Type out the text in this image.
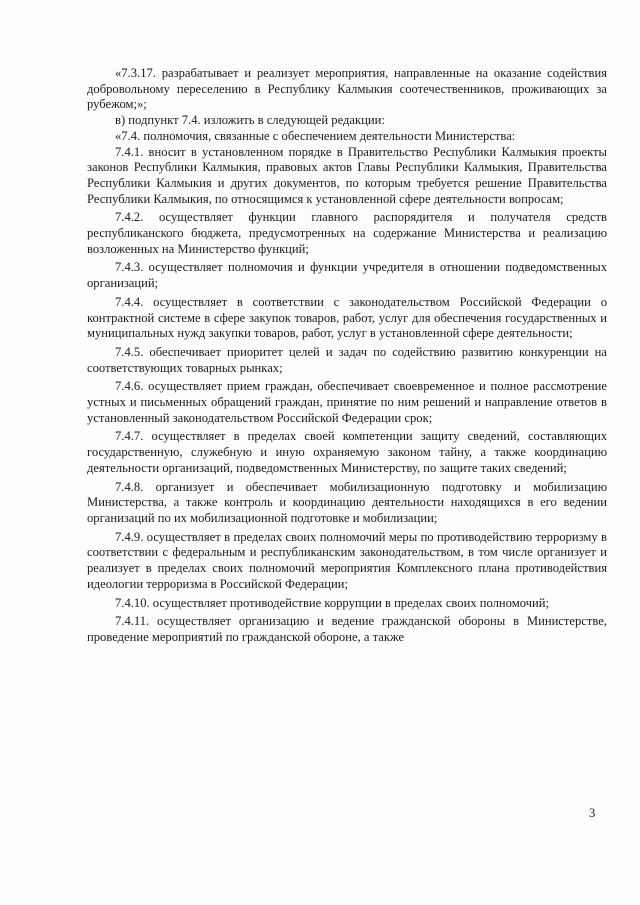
«7.3.17. разрабатывает и реализует мероприятия, направленные на оказание содействия добровольному переселению в Республику Калмыкия соотечественников, проживающих за рубежом;»;

в) подпункт 7.4. изложить в следующей редакции:

«7.4. полномочия, связанные с обеспечением деятельности Министерства:

7.4.1. вносит в установленном порядке в Правительство Республики Калмыкия проекты законов Республики Калмыкия, правовых актов Главы Республики Калмыкия, Правительства Республики Калмыкия и других документов, по которым требуется решение Правительства Республики Калмыкия, по относящимся к установленной сфере деятельности вопросам;

7.4.2. осуществляет функции главного распорядителя и получателя средств республиканского бюджета, предусмотренных на содержание Министерства и реализацию возложенных на Министерство функций;

7.4.3. осуществляет полномочия и функции учредителя в отношении подведомственных организаций;

7.4.4. осуществляет в соответствии с законодательством Российской Федерации о контрактной системе в сфере закупок товаров, работ, услуг для обеспечения государственных и муниципальных нужд закупки товаров, работ, услуг в установленной сфере деятельности;

7.4.5. обеспечивает приоритет целей и задач по содействию развитию конкуренции на соответствующих товарных рынках;

7.4.6. осуществляет прием граждан, обеспечивает своевременное и полное рассмотрение устных и письменных обращений граждан, принятие по ним решений и направление ответов в установленный законодательством Российской Федерации срок;

7.4.7. осуществляет в пределах своей компетенции защиту сведений, составляющих государственную, служебную и иную охраняемую законом тайну, а также координацию деятельности организаций, подведомственных Министерству, по защите таких сведений;

7.4.8. организует и обеспечивает мобилизационную подготовку и мобилизацию Министерства, а также контроль и координацию деятельности находящихся в его ведении организаций по их мобилизационной подготовке и мобилизации;

7.4.9. осуществляет в пределах своих полномочий меры по противодействию терроризму в соответствии с федеральным и республиканским законодательством, в том числе организует и реализует в пределах своих полномочий мероприятия Комплексного плана противодействия идеологии терроризма в Российской Федерации;

7.4.10. осуществляет противодействие коррупции в пределах своих полномочий;

7.4.11. осуществляет организацию и ведение гражданской обороны в Министерстве, проведение мероприятий по гражданской обороне, а также

3
